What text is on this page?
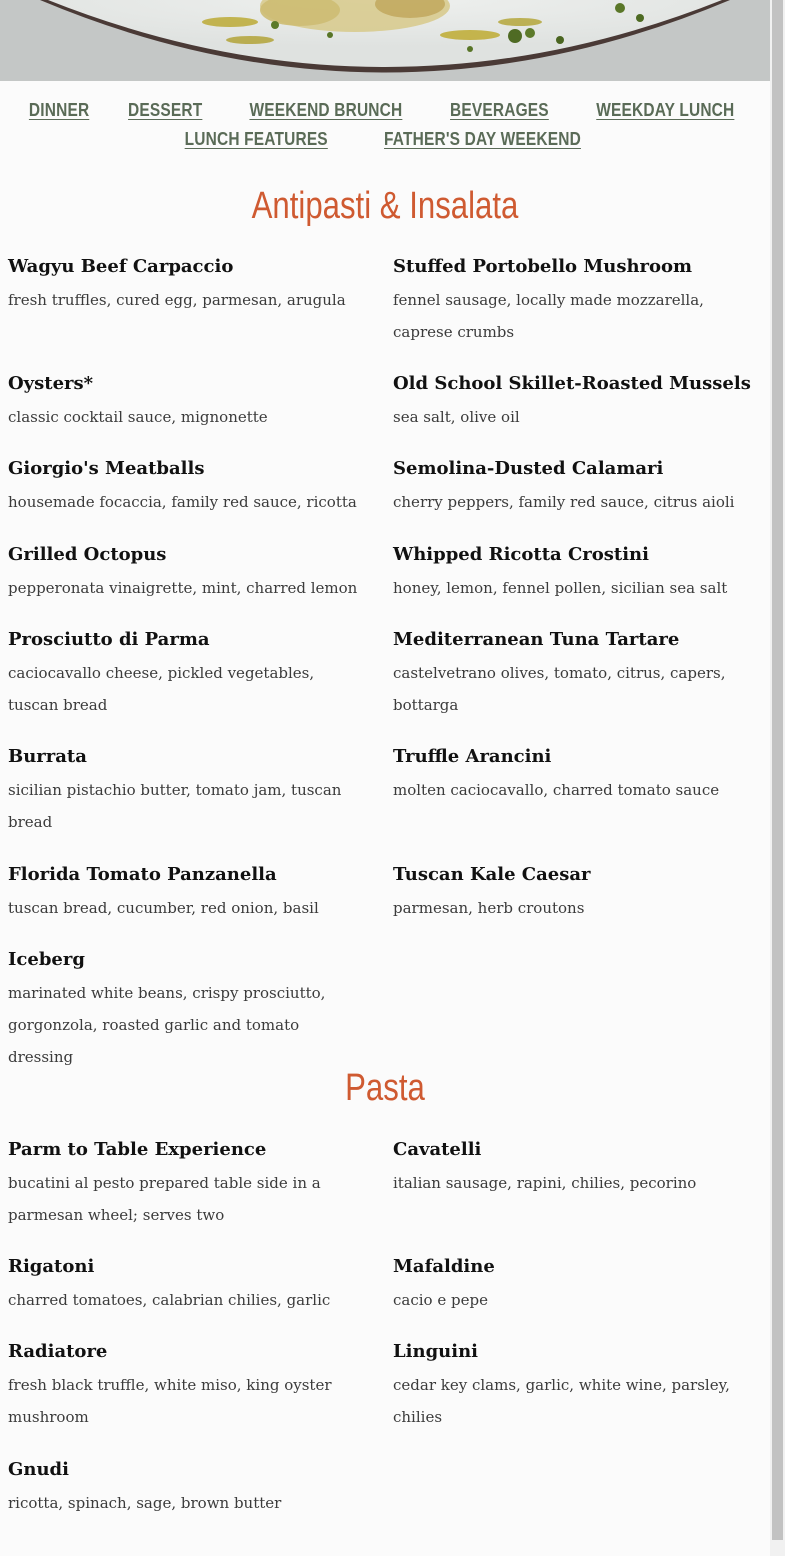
DINNER DESSERT	WEEKEND BRUNCH	BEVERAGES	WEEKDAY LUNCH
LUNCH FEATURES	FATHER'S DAY WEEKEND
Antipasti & Insalata
Wagyu Beef Carpaccio
fresh truffles, cured egg, parmesan, arugula
Stuffed Portobello Mushroom
fennel sausage, locally made mozzarella, caprese crumbs
Oysters*
classic cocktail sauce, mignonette
Old School Skillet-Roasted Mussels
sea salt, olive oil
Giorgio's Meatballs
housemade focaccia, family red sauce, ricotta
Semolina-Dusted Calamari
cherry peppers, family red sauce, citrus aioli
Grilled Octopus
pepperonata vinaigrette, mint, charred lemon
Whipped Ricotta Crostini
honey, lemon, fennel pollen, sicilian sea salt
Prosciutto di Parma
caciocavallo cheese, pickled vegetables, tuscan bread
Mediterranean Tuna Tartare
castelvetrano olives, tomato, citrus, capers, bottarga
Burrata
sicilian pistachio butter, tomato jam, tuscan bread
Truffle Arancini
molten caciocavallo, charred tomato sauce
Florida Tomato Panzanella
tuscan bread, cucumber, red onion, basil
Tuscan Kale Caesar
parmesan, herb croutons
Iceberg
marinated white beans, crispy prosciutto, gorgonzola, roasted garlic and tomato dressing
Pasta
Parm to Table Experience
bucatini al pesto prepared table side in a parmesan wheel; serves two
Cavatelli
italian sausage, rapini, chilies, pecorino
Rigatoni
charred tomatoes, calabrian chilies, garlic
Mafaldine
cacio e pepe
Radiatore
fresh black truffle, white miso, king oyster mushroom
Linguini
cedar key clams, garlic, white wine, parsley, chilies
Gnudi
ricotta, spinach, sage, brown butter
